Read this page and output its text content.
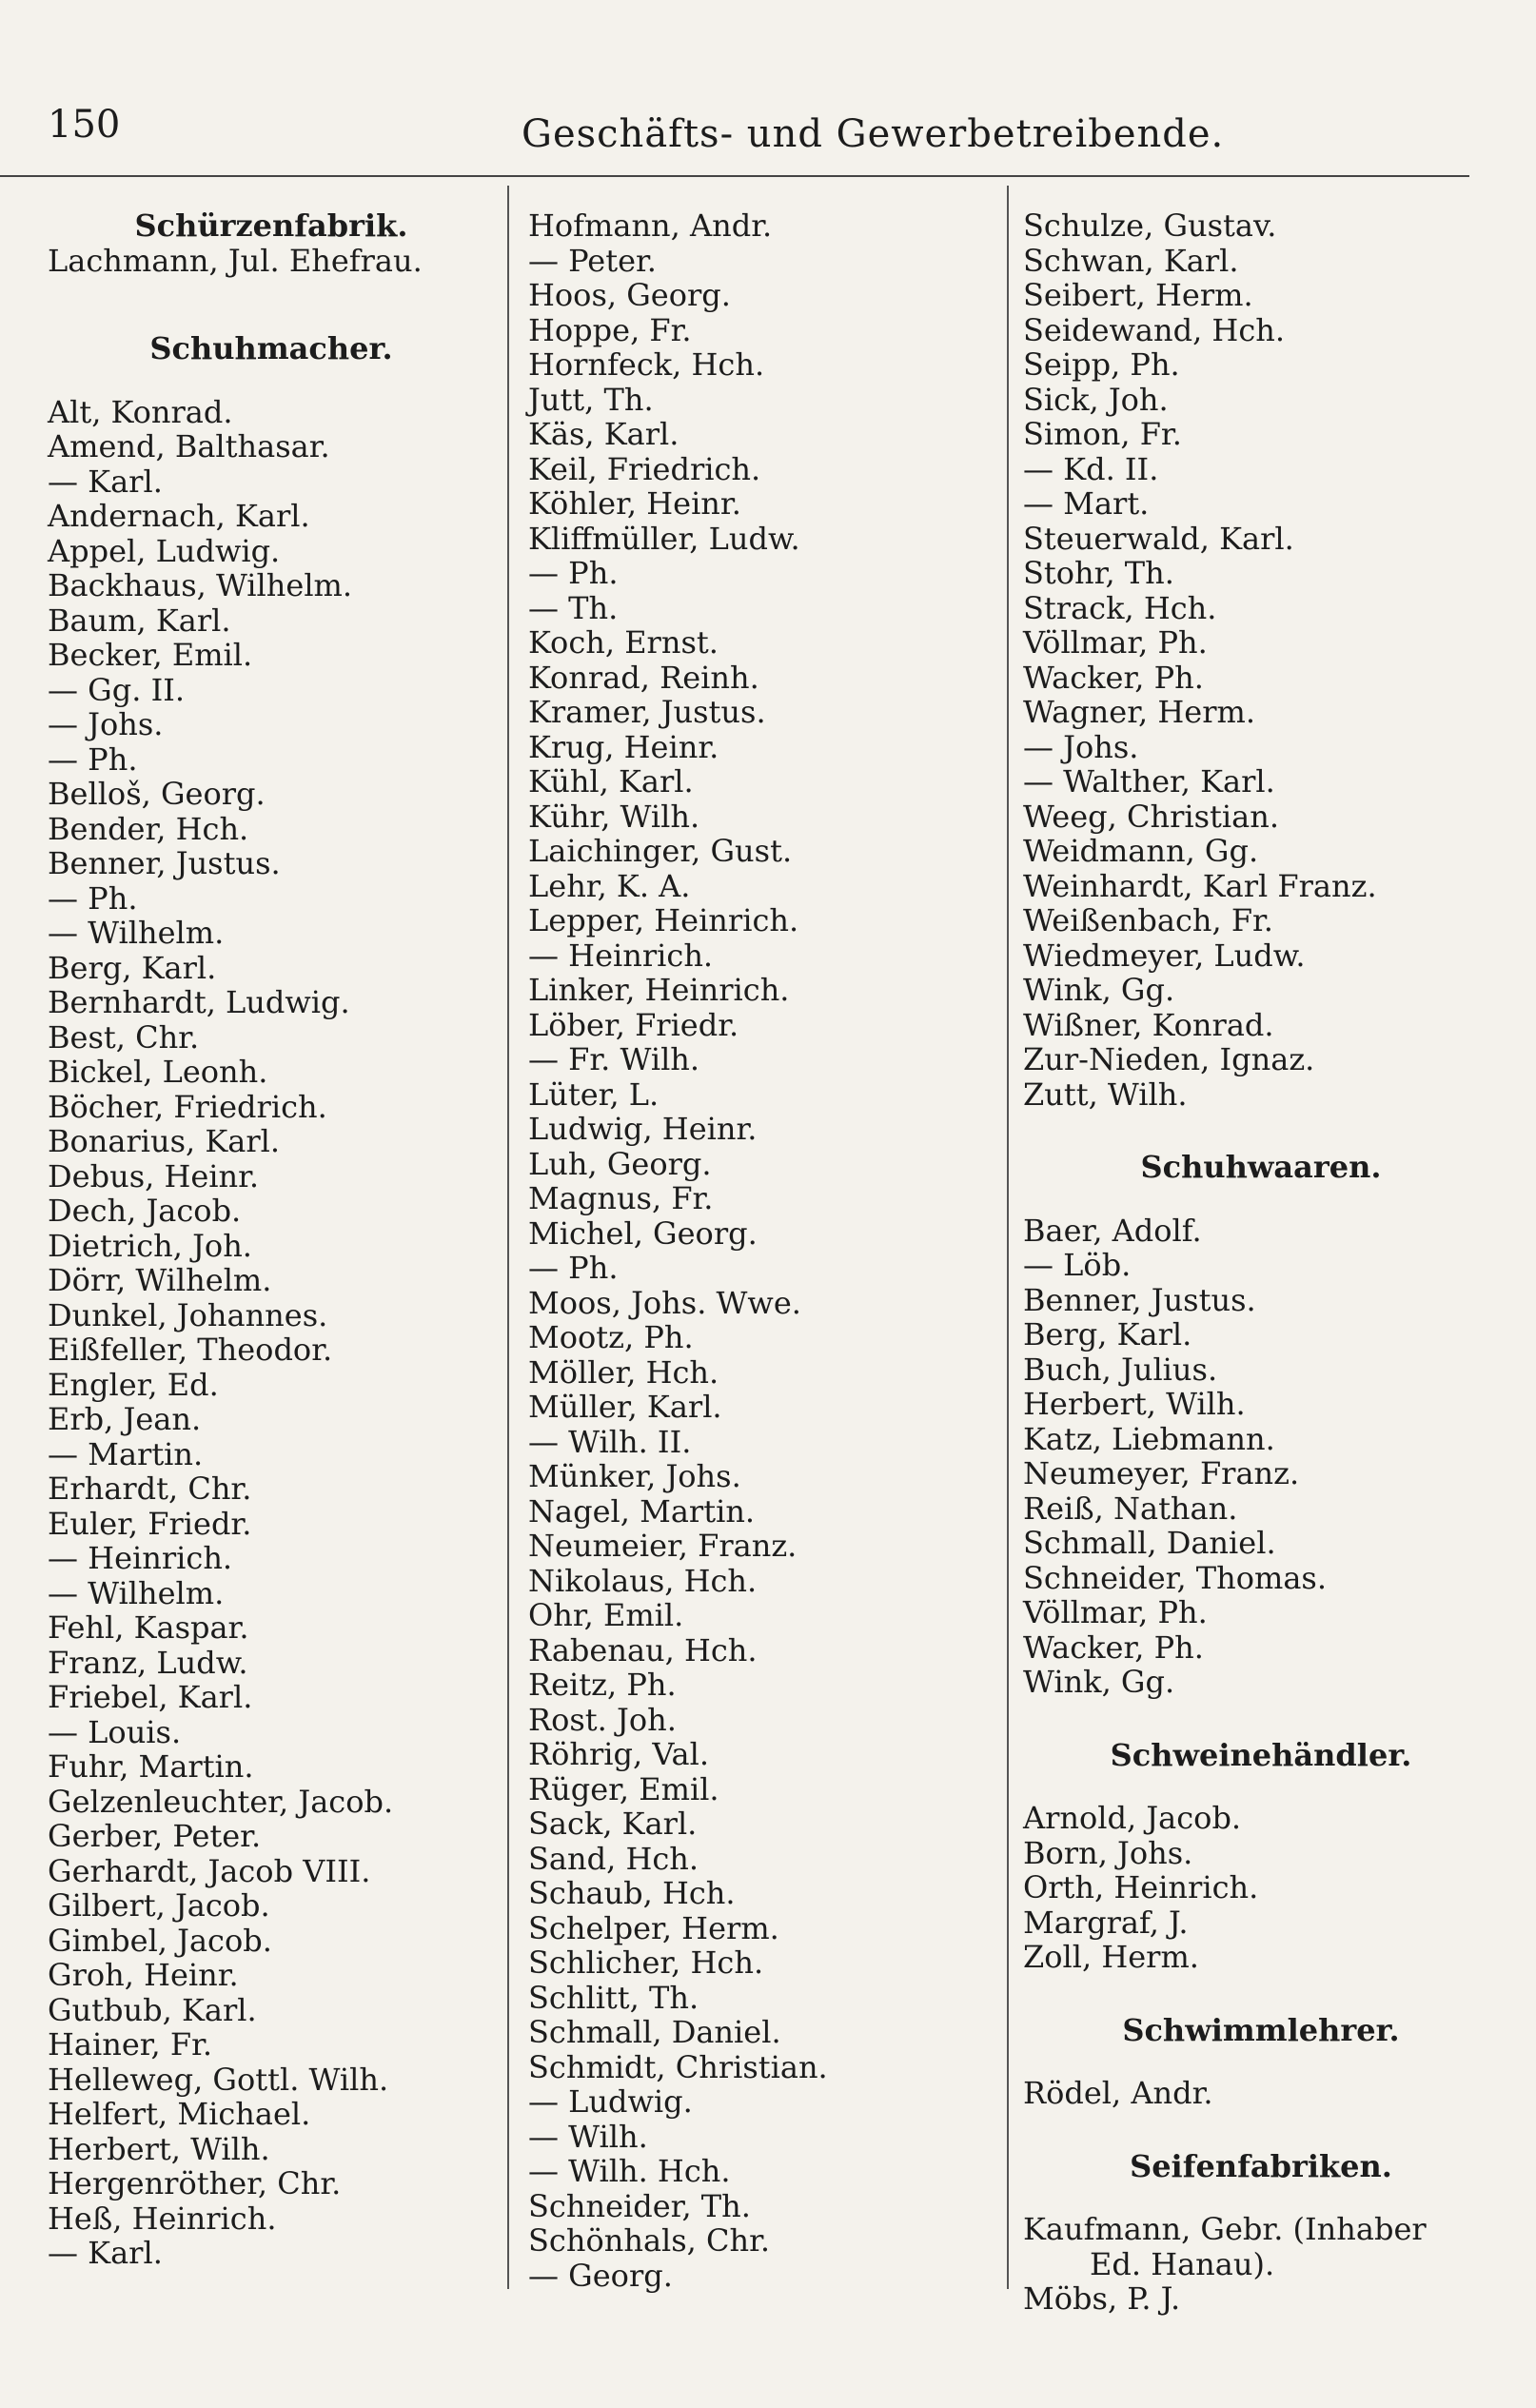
150	Geschäfts- und Gewerbetreibende.

Schürzenfabrik.

Lachmann, Jul. Ehefrau.

Schuhmacher.

Alt, Konrad.

Amend, Balthasar.

— Karl.

Andernach, Karl.

Appel, Ludwig.

Backhaus, Wilhelm.

Baum, Karl.

Becker, Emil.

— Gg. II.

— Johs.

— Ph.

Belloš, Georg.

Bender, Hch.

Benner, Justus.

— Ph.

— Wilhelm.

Berg, Karl.

Bernhardt, Ludwig.

Best, Chr.

Bickel, Leonh.

Böcher, Friedrich.

Bonarius, Karl.

Debus, Heinr.

Dech, Jacob.

Dietrich, Joh.

Dörr, Wilhelm.

Dunkel, Johannes.

Eißfeller, Theodor.

Engler, Ed.

Erb, Jean.

— Martin.

Erhardt, Chr.

Euler, Friedr.

— Heinrich.

— Wilhelm.

Fehl, Kaspar.

Franz, Ludw.

Friebel, Karl.

— Louis.

Fuhr, Martin.

Gelzenleuchter, Jacob.

Gerber, Peter.

Gerhardt, Jacob VIII.

Gilbert, Jacob.

Gimbel, Jacob.

Groh, Heinr.

Gutbub, Karl.

Hainer, Fr.

Helleweg, Gottl. Wilh.

Helfert, Michael.

Herbert, Wilh.

Hergenröther, Chr.

Heß, Heinrich.

— Karl.

Hofmann, Andr.

— Peter.

Hoos, Georg.

Hoppe, Fr.

Hornfeck, Hch.

Jutt, Th.

Käs, Karl.

Keil, Friedrich.

Köhler, Heinr.

Kliffmüller, Ludw.

— Ph.

— Th.

Koch, Ernst.

Konrad, Reinh.

Kramer, Justus.

Krug, Heinr.

Kühl, Karl.

Kühr, Wilh.

Laichinger, Gust.

Lehr, K. A.

Lepper, Heinrich.

— Heinrich.

Linker, Heinrich.

Löber, Friedr.

— Fr. Wilh.

Lüter, L.

Ludwig, Heinr.

Luh, Georg.

Magnus, Fr.

Michel, Georg.

— Ph.

Moos, Johs. Wwe.

Mootz, Ph.

Möller, Hch.

Müller, Karl.

— Wilh. II.

Münker, Johs.

Nagel, Martin.

Neumeier, Franz.

Nikolaus, Hch.

Ohr, Emil.

Rabenau, Hch.

Reitz, Ph.

Rost. Joh.

Röhrig, Val.

Rüger, Emil.

Sack, Karl.

Sand, Hch.

Schaub, Hch.

Schelper, Herm.

Schlicher, Hch.

Schlitt, Th.

Schmall, Daniel.

Schmidt, Christian.

— Ludwig.

— Wilh.

— Wilh. Hch.

Schneider, Th.

Schönhals, Chr.

— Georg.

Schulze, Gustav.

Schwan, Karl.

Seibert, Herm.

Seidewand, Hch.

Seipp, Ph.

Sick, Joh.

Simon, Fr.

— Kd. II.

— Mart.

Steuerwald, Karl.

Stohr, Th.

Strack, Hch.

Völlmar, Ph.

Wacker, Ph.

Wagner, Herm.

— Johs.

— Walther, Karl.

Weeg, Christian.

Weidmann, Gg.

Weinhardt, Karl Franz.

Weißenbach, Fr.

Wiedmeyer, Ludw.

Wink, Gg.

Wißner, Konrad.

Zur-Nieden, Ignaz.

Zutt, Wilh.

Schuhwaaren.

Baer, Adolf.

— Löb.

Benner, Justus.

Berg, Karl.

Buch, Julius.

Herbert, Wilh.

Katz, Liebmann.

Neumeyer, Franz.

Reiß, Nathan.

Schmall, Daniel.

Schneider, Thomas.

Völlmar, Ph.

Wacker, Ph.

Wink, Gg.

Schweinehändler.

Arnold, Jacob.

Born, Johs.

Orth, Heinrich.

Margraf, J.

Zoll, Herm.

Schwimmlehrer.

Rödel, Andr.

Seifenfabriken.

Kaufmann, Gebr. (Inhaber

Ed. Hanau).

Möbs, P. J.
